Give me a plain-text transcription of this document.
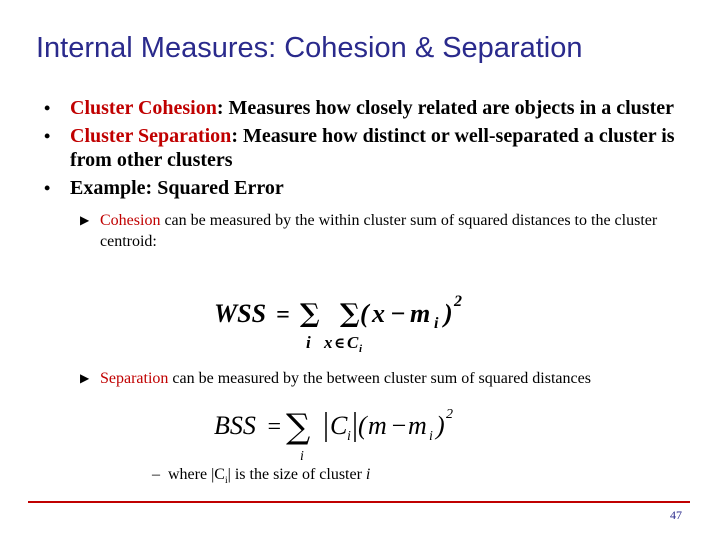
Internal Measures: Cohesion & Separation
• Cluster Cohesion: Measures how closely related are objects in a cluster
• Cluster Separation: Measure how distinct or well-separated a cluster is from other clusters
• Example: Squared Error
▶ Cohesion can be measured by the within cluster sum of squared distances to the cluster centroid:
WSS = ∑ ∑ ( x − m i ) 2
i x ∈ C i
▶ Separation can be measured by the between cluster sum of squared distances
BSS = ∑ C i ( m − m i ) 2
i
–  where $|C_i|$ is the size of cluster i
47
